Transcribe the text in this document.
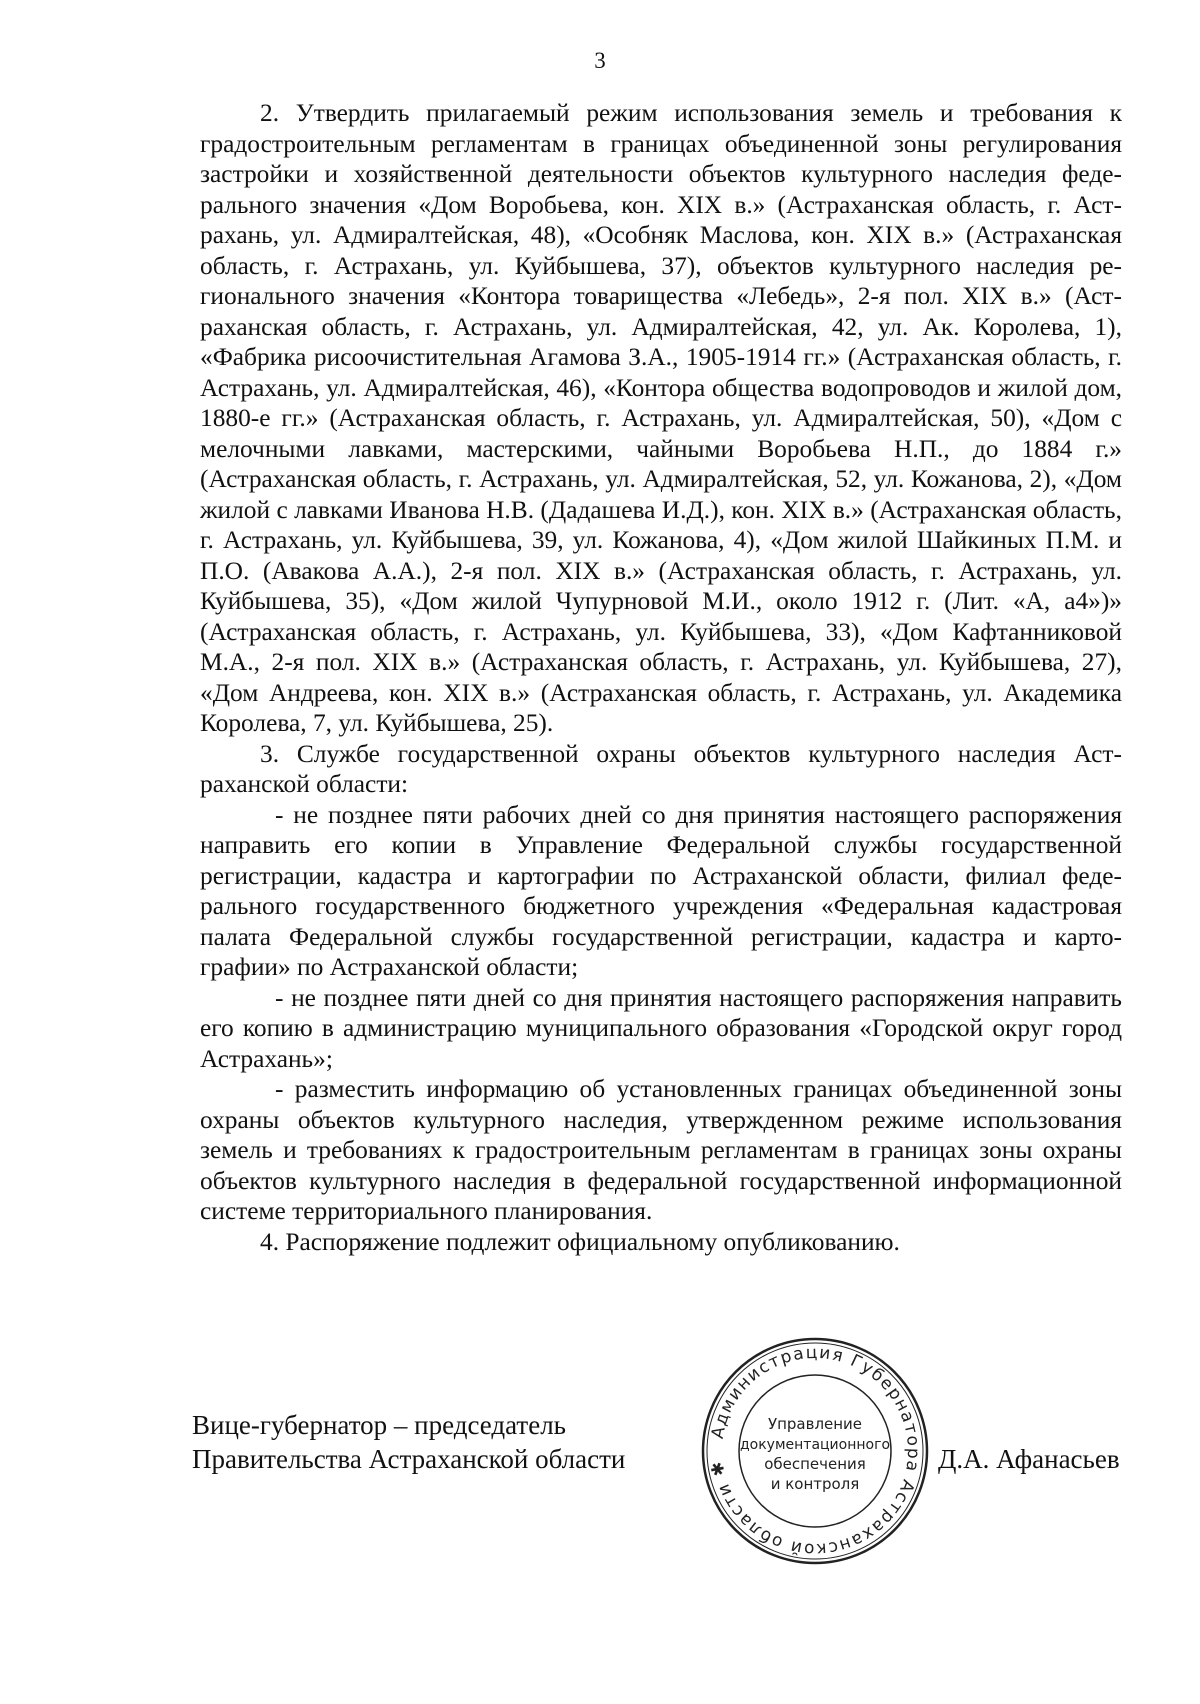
3

2. Утвердить прилагаемый режим использования земель и требования к градостроительным регламентам в границах объединенной зоны регулирования застройки и хозяйственной деятельности объектов культурного наследия федерального значения «Дом Воробьева, кон. XIX в.» (Астраханская область, г. Астрахань, ул. Адмиралтейская, 48), «Особняк Маслова, кон. XIX в.» (Астраханская область, г. Астрахань, ул. Куйбышева, 37), объектов культурного наследия регионального значения «Контора товарищества «Лебедь», 2-я пол. XIX в.» (Астраханская область, г. Астрахань, ул. Адмиралтейская, 42, ул. Ак. Королева, 1), «Фабрика рисоочистительная Агамова З.А., 1905-1914 гг.» (Астраханская область, г. Астрахань, ул. Адмиралтейская, 46), «Контора общества водопроводов и жилой дом, 1880-е гг.» (Астраханская область, г. Астрахань, ул. Адмиралтейская, 50), «Дом с мелочными лавками, мастерскими, чайными Воробьева Н.П., до 1884 г.» (Астраханская область, г. Астрахань, ул. Адмиралтейская, 52, ул. Кожанова, 2), «Дом жилой с лавками Иванова Н.В. (Дадашева И.Д.), кон. XIX в.» (Астраханская область, г. Астрахань, ул. Куйбышева, 39, ул. Кожанова, 4), «Дом жилой Шайкиных П.М. и П.О. (Авакова А.А.), 2-я пол. XIX в.» (Астраханская область, г. Астрахань, ул. Куйбышева, 35), «Дом жилой Чупурновой М.И., около 1912 г. (Лит. «А, а4»)» (Астраханская область, г. Астрахань, ул. Куйбышева, 33), «Дом Кафтанниковой М.А., 2-я пол. XIX в.» (Астраханская область, г. Астрахань, ул. Куйбышева, 27), «Дом Андреева, кон. XIX в.» (Астраханская область, г. Астрахань, ул. Академика Королева, 7, ул. Куйбышева, 25).

3. Службе государственной охраны объектов культурного наследия Астраханской области:

- не позднее пяти рабочих дней со дня принятия настоящего распоряжения направить его копии в Управление Федеральной службы государственной регистрации, кадастра и картографии по Астраханской области, филиал федерального государственного бюджетного учреждения «Федеральная кадастровая палата Федеральной службы государственной регистрации, кадастра и картографии» по Астраханской области;

- не позднее пяти дней со дня принятия настоящего распоряжения направить его копию в администрацию муниципального образования «Городской округ город Астрахань»;

- разместить информацию об установленных границах объединенной зоны охраны объектов культурного наследия, утвержденном режиме использования земель и требованиях к градостроительным регламентам в границах зоны охраны объектов культурного наследия в федеральной государственной информационной системе территориального планирования.

4. Распоряжение подлежит официальному опубликованию.

Вице-губернатор – председатель
Правительства Астраханской области	Д.А. Афанасьев
Администрация Губернатора Астраханской области ✱
Управление
документационного
обеспечения
и контроля
